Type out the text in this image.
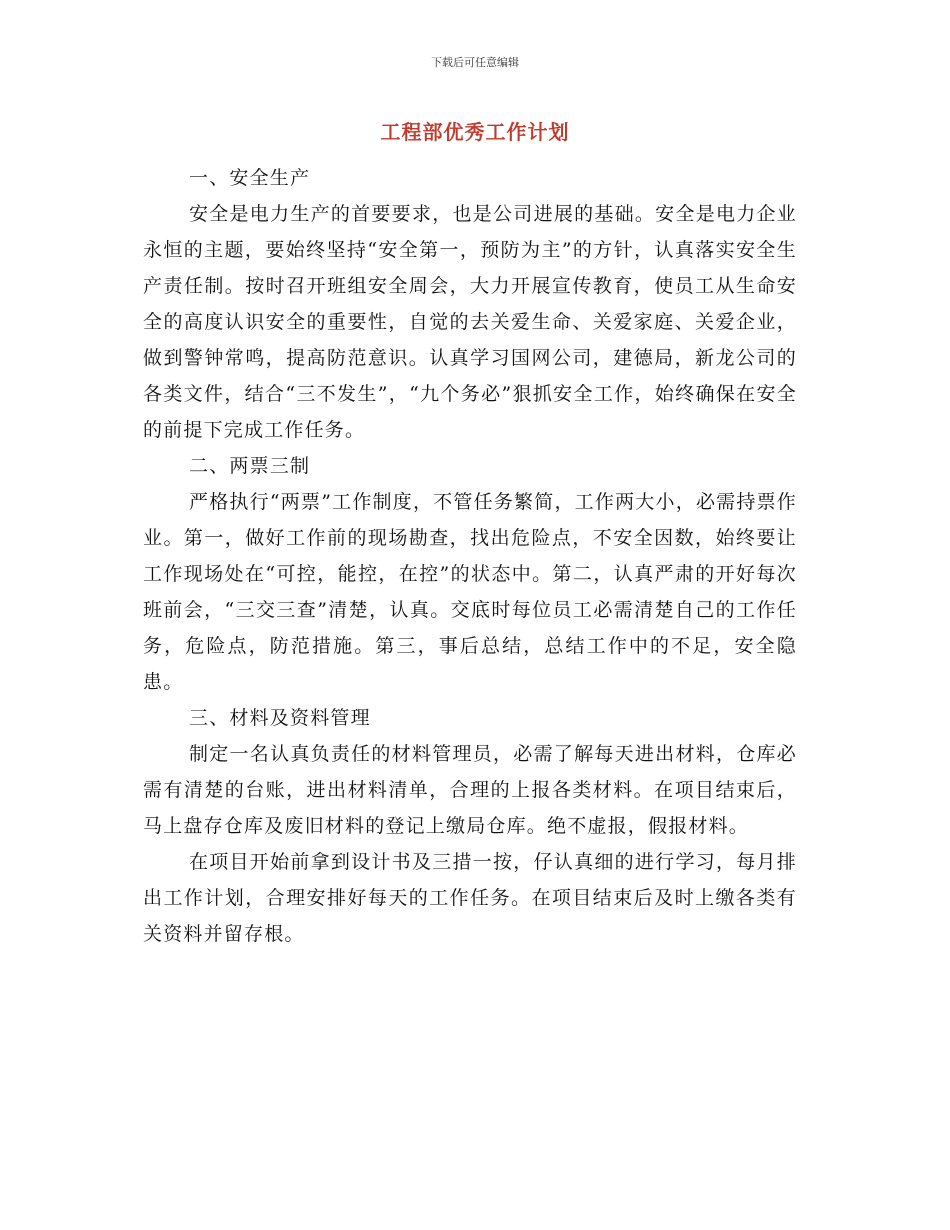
下载后可任意编辑
工程部优秀工作计划

一、安全生产

安全是电力生产的首要要求，也是公司进展的基础。安全是电力企业永恒的主题，要始终坚持“安全第一，预防为主”的方针，认真落实安全生产责任制。按时召开班组安全周会，大力开展宣传教育，使员工从生命安全的高度认识安全的重要性，自觉的去关爱生命、关爱家庭、关爱企业，做到警钟常鸣，提高防范意识。认真学习国网公司，建德局，新龙公司的各类文件，结合“三不发生”，“九个务必”狠抓安全工作，始终确保在安全的前提下完成工作任务。

二、两票三制

严格执行“两票”工作制度，不管任务繁简，工作两大小，必需持票作业。第一，做好工作前的现场勘查，找出危险点，不安全因数，始终要让工作现场处在“可控，能控，在控”的状态中。第二，认真严肃的开好每次班前会，“三交三查”清楚，认真。交底时每位员工必需清楚自己的工作任务，危险点，防范措施。第三，事后总结，总结工作中的不足，安全隐患。

三、材料及资料管理

制定一名认真负责任的材料管理员，必需了解每天进出材料，仓库必需有清楚的台账，进出材料清单，合理的上报各类材料。在项目结束后，马上盘存仓库及废旧材料的登记上缴局仓库。绝不虚报，假报材料。

在项目开始前拿到设计书及三措一按，仔认真细的进行学习，每月排出工作计划，合理安排好每天的工作任务。在项目结束后及时上缴各类有关资料并留存根。
